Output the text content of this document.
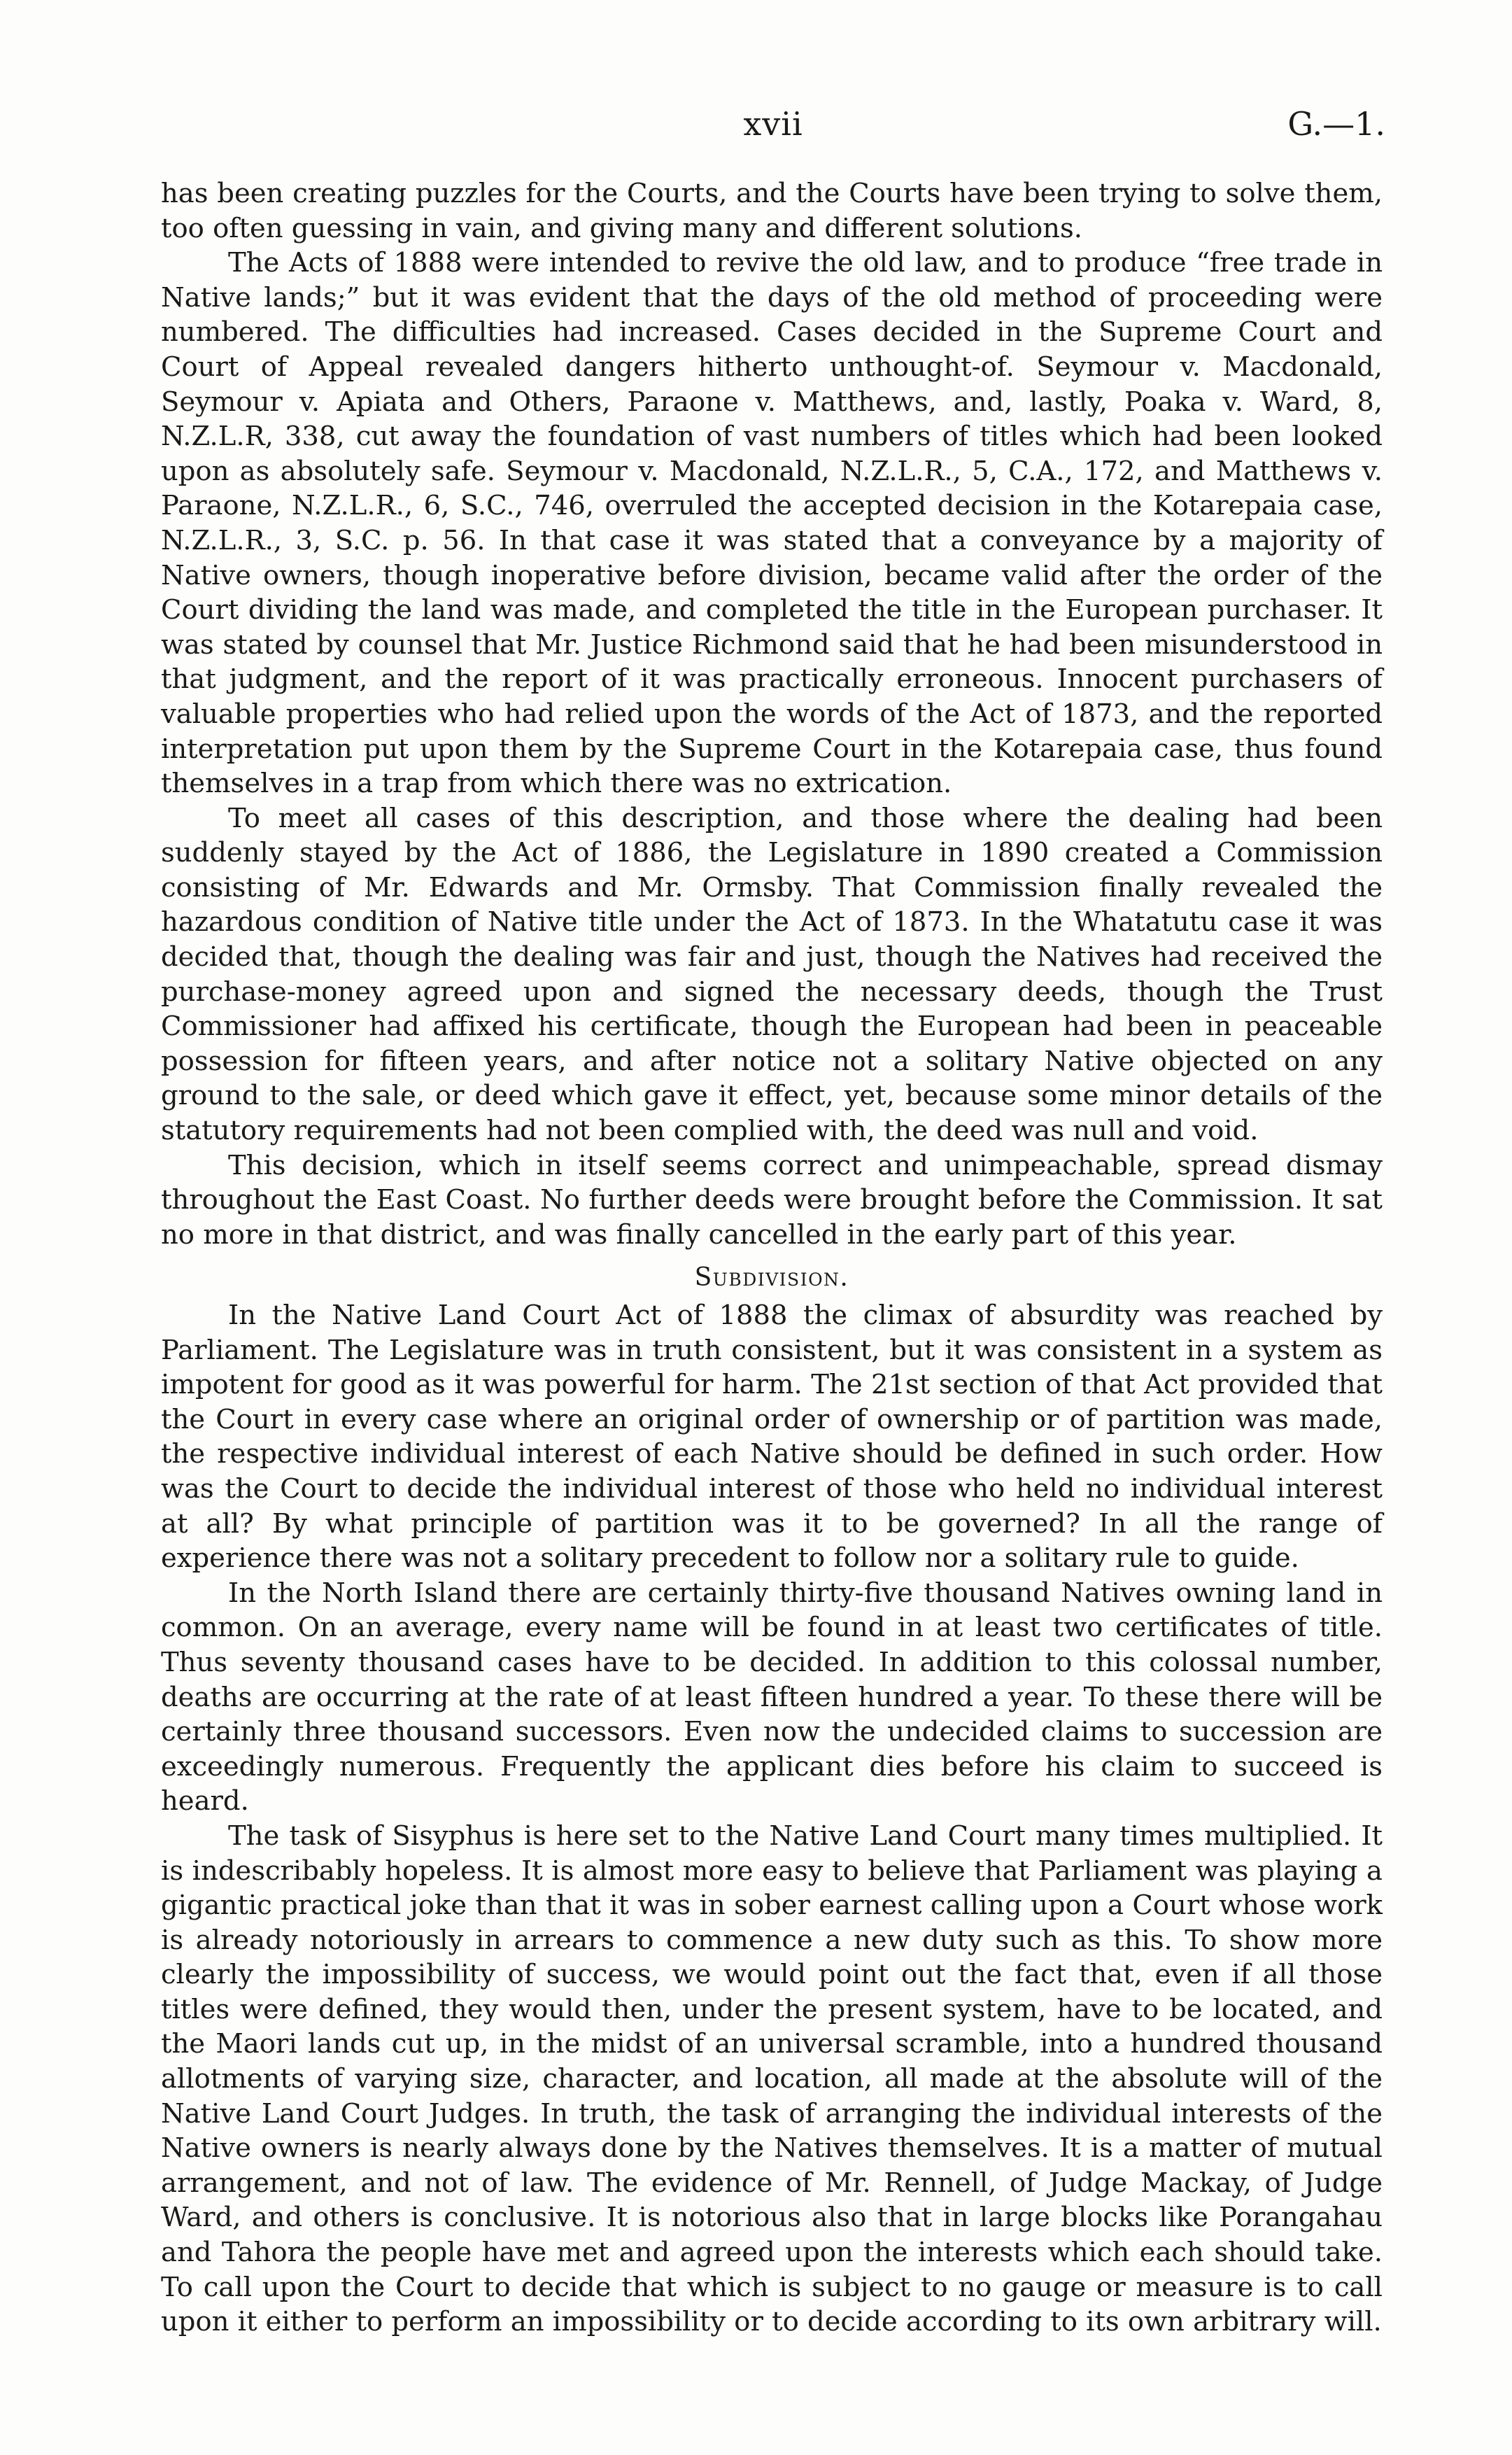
xvii	G.—1.

has been creating puzzles for the Courts, and the Courts have been trying to solve them, too often guessing in vain, and giving many and different solutions.

The Acts of 1888 were intended to revive the old law, and to produce “free trade in Native lands;” but it was evident that the days of the old method of proceeding were numbered. The difficulties had increased. Cases decided in the Supreme Court and Court of Appeal revealed dangers hitherto unthought-of. Seymour v. Macdonald, Seymour v. Apiata and Others, Paraone v. Matthews, and, lastly, Poaka v. Ward, 8, N.Z.L.R, 338, cut away the foundation of vast numbers of titles which had been looked upon as absolutely safe. Seymour v. Macdonald, N.Z.L.R., 5, C.A., 172, and Matthews v. Paraone, N.Z.L.R., 6, S.C., 746, overruled the accepted decision in the Kotarepaia case, N.Z.L.R., 3, S.C. p. 56. In that case it was stated that a conveyance by a majority of Native owners, though inoperative before division, became valid after the order of the Court dividing the land was made, and completed the title in the European purchaser. It was stated by counsel that Mr. Justice Richmond said that he had been misunderstood in that judgment, and the report of it was practically erroneous. Innocent purchasers of valuable properties who had relied upon the words of the Act of 1873, and the reported interpretation put upon them by the Supreme Court in the Kotarepaia case, thus found themselves in a trap from which there was no extrication.

To meet all cases of this description, and those where the dealing had been suddenly stayed by the Act of 1886, the Legislature in 1890 created a Commission consisting of Mr. Edwards and Mr. Ormsby. That Commission finally revealed the hazardous condition of Native title under the Act of 1873. In the Whatatutu case it was decided that, though the dealing was fair and just, though the Natives had received the purchase-money agreed upon and signed the necessary deeds, though the Trust Commissioner had affixed his certificate, though the European had been in peaceable possession for fifteen years, and after notice not a solitary Native objected on any ground to the sale, or deed which gave it effect, yet, because some minor details of the statutory requirements had not been complied with, the deed was null and void.

This decision, which in itself seems correct and unimpeachable, spread dismay throughout the East Coast. No further deeds were brought before the Commission. It sat no more in that district, and was finally cancelled in the early part of this year.

Subdivision.

In the Native Land Court Act of 1888 the climax of absurdity was reached by Parliament. The Legislature was in truth consistent, but it was consistent in a system as impotent for good as it was powerful for harm. The 21st section of that Act provided that the Court in every case where an original order of ownership or of partition was made, the respective individual interest of each Native should be defined in such order. How was the Court to decide the individual interest of those who held no individual interest at all? By what principle of partition was it to be governed? In all the range of experience there was not a solitary precedent to follow nor a solitary rule to guide.

In the North Island there are certainly thirty-five thousand Natives owning land in common. On an average, every name will be found in at least two certificates of title. Thus seventy thousand cases have to be decided. In addition to this colossal number, deaths are occurring at the rate of at least fifteen hundred a year. To these there will be certainly three thousand successors. Even now the undecided claims to succession are exceedingly numerous. Frequently the applicant dies before his claim to succeed is heard.

The task of Sisyphus is here set to the Native Land Court many times multiplied. It is indescribably hopeless. It is almost more easy to believe that Parliament was playing a gigantic practical joke than that it was in sober earnest calling upon a Court whose work is already notoriously in arrears to commence a new duty such as this. To show more clearly the impossibility of success, we would point out the fact that, even if all those titles were defined, they would then, under the present system, have to be located, and the Maori lands cut up, in the midst of an universal scramble, into a hundred thousand allotments of varying size, character, and location, all made at the absolute will of the Native Land Court Judges. In truth, the task of arranging the individual interests of the Native owners is nearly always done by the Natives themselves. It is a matter of mutual arrangement, and not of law. The evidence of Mr. Rennell, of Judge Mackay, of Judge Ward, and others is conclusive. It is notorious also that in large blocks like Porangahau and Tahora the people have met and agreed upon the interests which each should take. To call upon the Court to decide that which is subject to no gauge or measure is to call upon it either to perform an impossibility or to decide according to its own arbitrary will.
